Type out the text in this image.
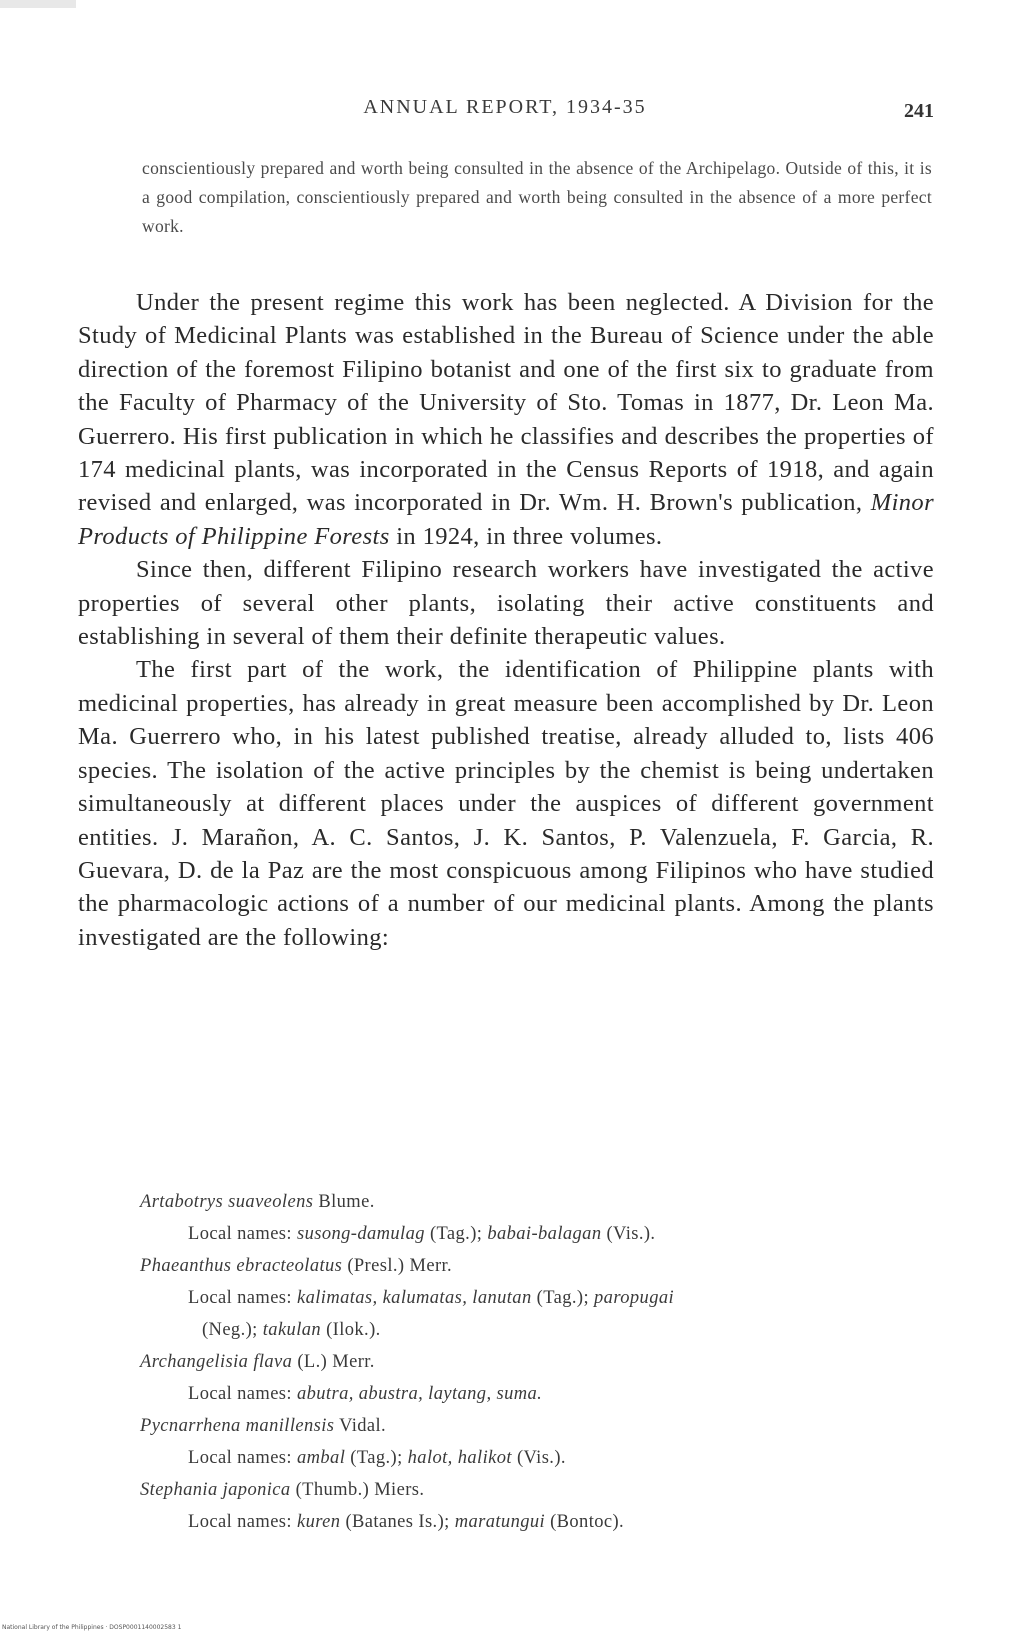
ANNUAL REPORT, 1934-35	241
conscientiously prepared and worth being consulted in the absence of the Archipelago. Outside of this, it is a good compilation, conscientiously prepared and worth being consulted in the absence of a more perfect work.

Under the present regime this work has been neglected. A Division for the Study of Medicinal Plants was established in the Bureau of Science under the able direction of the foremost Filipino botanist and one of the first six to graduate from the Faculty of Pharmacy of the University of Sto. Tomas in 1877, Dr. Leon Ma. Guerrero. His first publication in which he classifies and describes the properties of 174 medicinal plants, was incorporated in the Census Reports of 1918, and again revised and enlarged, was incorporated in Dr. Wm. H. Brown's publication, Minor Products of Philippine Forests in 1924, in three volumes.

Since then, different Filipino research workers have investigated the active properties of several other plants, isolating their active constituents and establishing in several of them their definite therapeutic values.

The first part of the work, the identification of Philippine plants with medicinal properties, has already in great measure been accomplished by Dr. Leon Ma. Guerrero who, in his latest published treatise, already alluded to, lists 406 species. The isolation of the active principles by the chemist is being undertaken simultaneously at different places under the auspices of different government entities. J. Marañon, A. C. Santos, J. K. Santos, P. Valenzuela, F. Garcia, R. Guevara, D. de la Paz are the most conspicuous among Filipinos who have studied the pharmacologic actions of a number of our medicinal plants. Among the plants investigated are the following:

Artabotrys suaveolens Blume.

Local names: susong-damulag (Tag.); babai-balagan (Vis.).

Phaeanthus ebracteolatus (Presl.) Merr.

Local names: kalimatas, kalumatas, lanutan (Tag.); paropugai
(Neg.); takulan (Ilok.).

Archangelisia flava (L.) Merr.

Local names: abutra, abustra, laytang, suma.

Pycnarrhena manillensis Vidal.

Local names: ambal (Tag.); halot, halikot (Vis.).

Stephania japonica (Thumb.) Miers.

Local names: kuren (Batanes Is.); maratungui (Bontoc).

National Library of the Philippines · DOSP0001140002583 1
